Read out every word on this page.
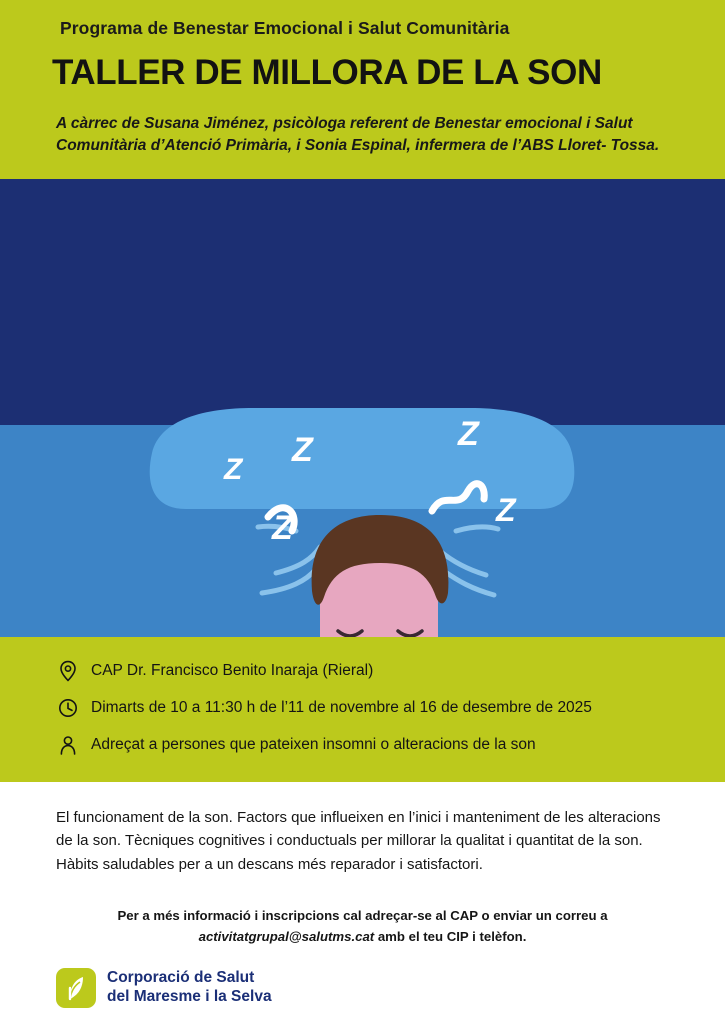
Programa de Benestar Emocional i Salut Comunitària
TALLER DE MILLORA DE LA SON
A càrrec de Susana Jiménez, psicòloga referent de Benestar emocional i Salut Comunitària d’Atenció Primària, i Sonia Espinal, infermera de l’ABS Lloret- Tossa.
Z
Z
Z
Z
Z
CAP Dr. Francisco Benito Inaraja (Rieral)
Dimarts de 10 a 11:30 h de l’11 de novembre al 16 de desembre de 2025
Adreçat a persones que pateixen insomni o alteracions de la son

El funcionament de la son. Factors que influeixen en l’inici i manteniment de les alteracions de la son. Tècniques cognitives i conductuals per millorar la qualitat i quantitat de la son. Hàbits saludables per a un descans més reparador i satisfactori.

Per a més informació i inscripcions cal adreçar-se al CAP o enviar un correu a
activitatgrupal@salutms.cat amb el teu CIP i telèfon.

Corporació de Salut
del Maresme i la Selva
